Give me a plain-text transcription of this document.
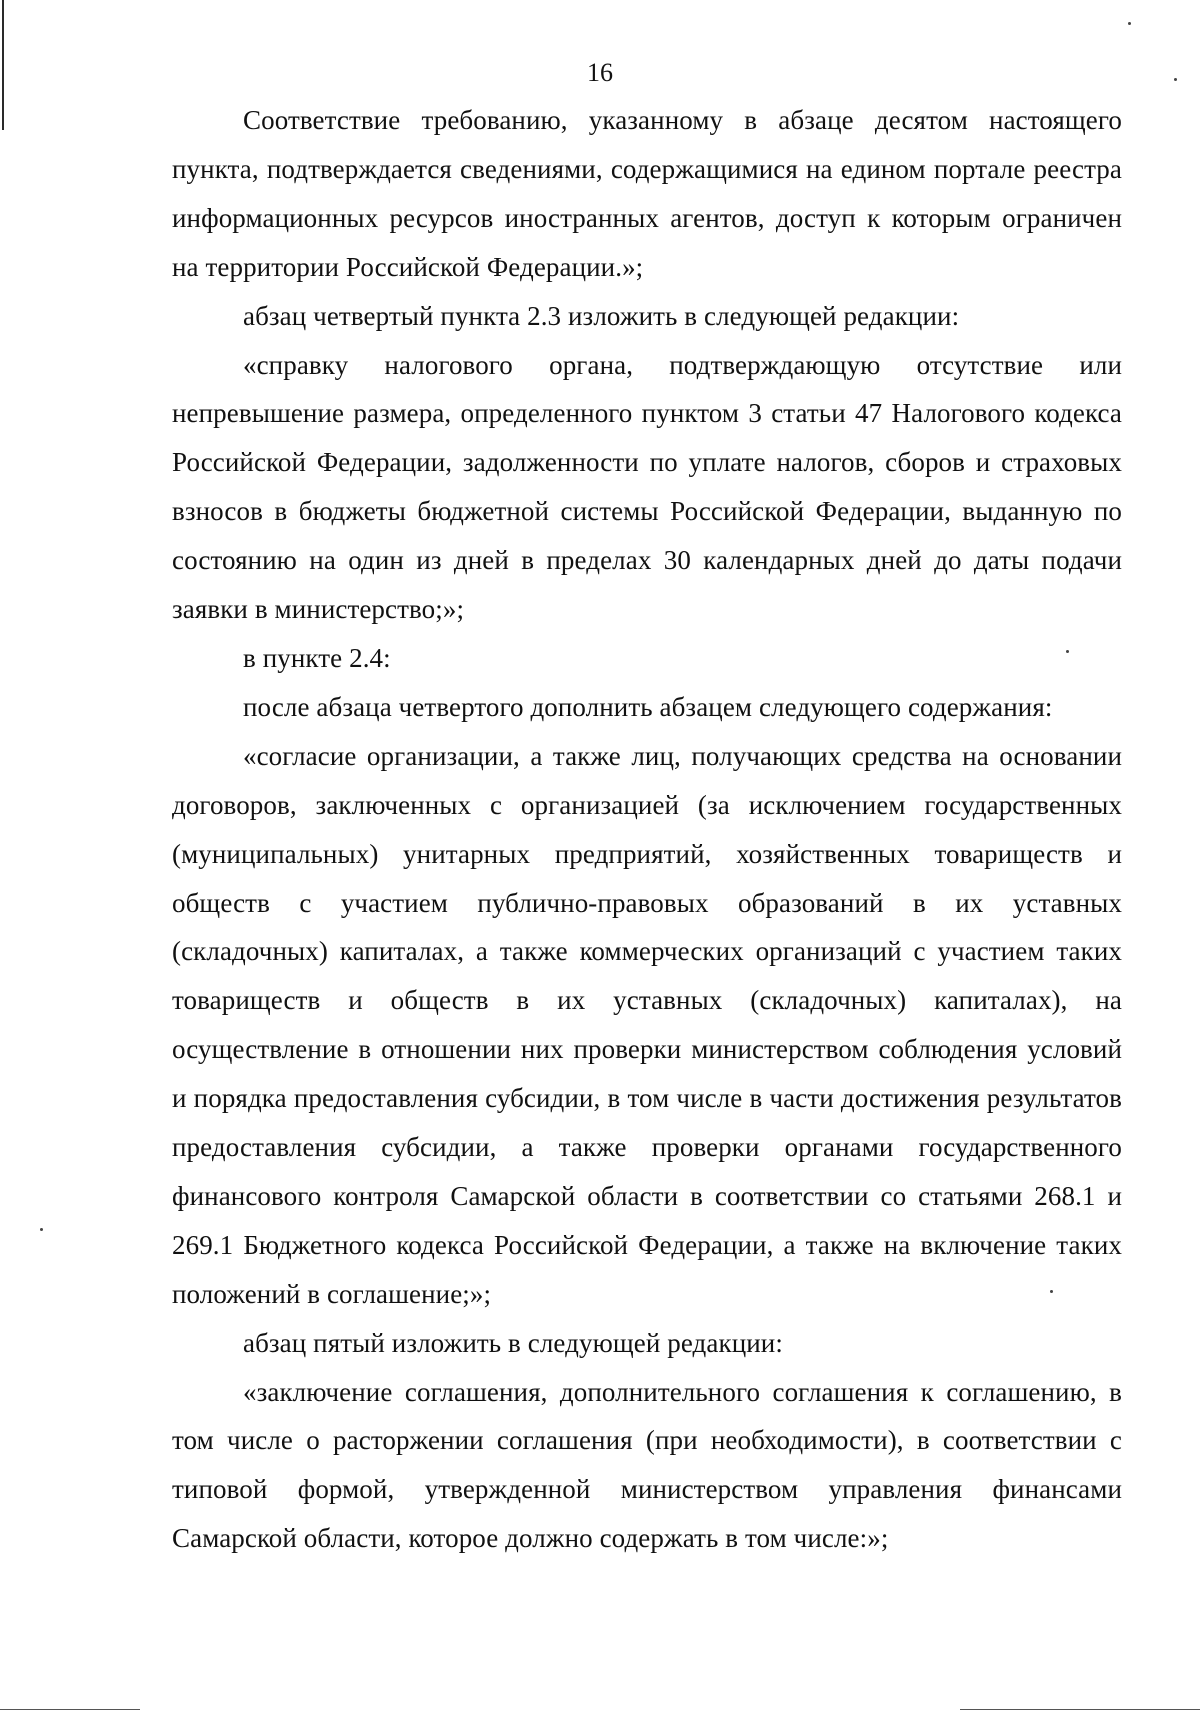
16

Соответствие требованию, указанному в абзаце десятом настоящего пункта, подтверждается сведениями, содержащимися на едином портале реестра информационных ресурсов иностранных агентов, доступ к которым ограничен на территории Российской Федерации.»;

абзац четвертый пункта 2.3 изложить в следующей редакции:

«справку налогового органа, подтверждающую отсутствие или непревышение размера, определенного пунктом 3 статьи 47 Налогового кодекса Российской Федерации, задолженности по уплате налогов, сборов и страховых взносов в бюджеты бюджетной системы Российской Федерации, выданную по состоянию на один из дней в пределах 30 календарных дней до даты подачи заявки в министерство;»;

в пункте 2.4:

после абзаца четвертого дополнить абзацем следующего содержания:

«согласие организации, а также лиц, получающих средства на основании договоров, заключенных с организацией (за исключением государственных (муниципальных) унитарных предприятий, хозяйственных товариществ и обществ с участием публично-правовых образований в их уставных (складочных) капиталах, а также коммерческих организаций с участием таких товариществ и обществ в их уставных (складочных) капиталах), на осуществление в отношении них проверки министерством соблюдения условий и порядка предоставления субсидии, в том числе в части достижения результатов предоставления субсидии, а также проверки органами государственного финансового контроля Самарской области в соответствии со статьями 268.1 и 269.1 Бюджетного кодекса Российской Федерации, а также на включение таких положений в соглашение;»;

абзац пятый изложить в следующей редакции:

«заключение соглашения, дополнительного соглашения к соглашению, в том числе о расторжении соглашения (при необходимости), в соответствии с типовой формой, утвержденной министерством управления финансами Самарской области, которое должно содержать в том числе:»;
